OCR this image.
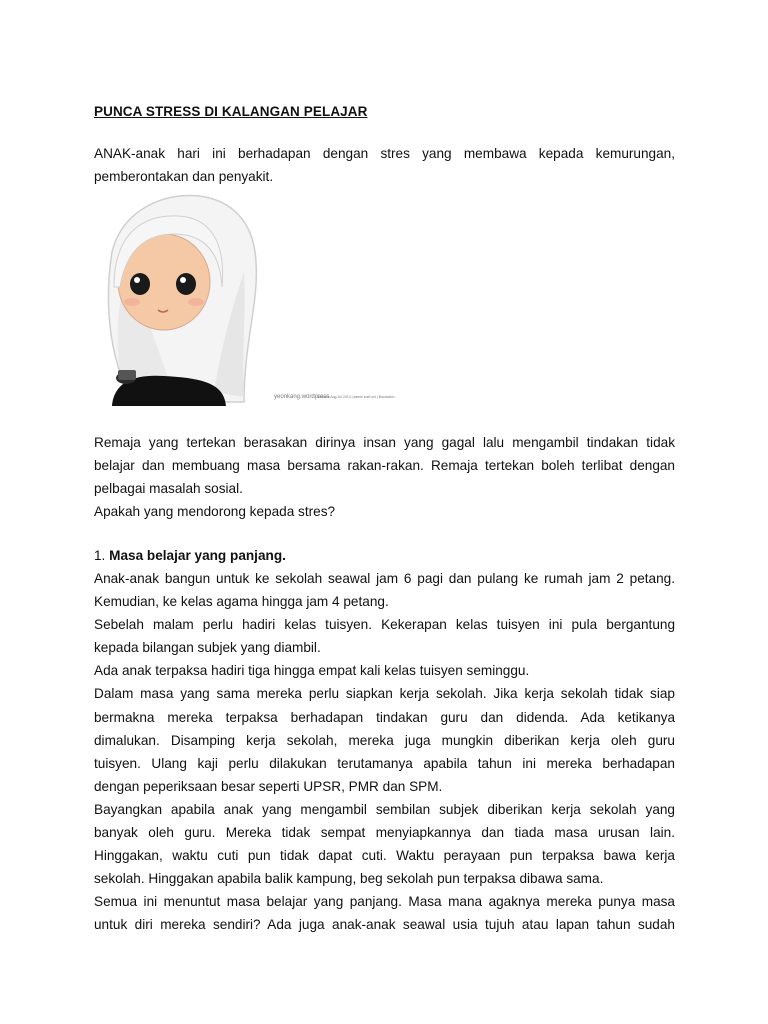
PUNCA STRESS DI KALANGAN PELAJAR
ANAK-anak hari ini berhadapan dengan stres yang membawa kepada kemurungan,
pemberontakan dan penyakit.
Remaja yang tertekan berasakan dirinya insan yang gagal lalu mengambil tindakan tidak
belajar dan membuang masa bersama rakan-rakan. Remaja tertekan boleh terlibat dengan
pelbagai masalah sosial.
Apakah yang mendorong kepada stres?
1. Masa belajar yang panjang.
Anak-anak bangun untuk ke sekolah seawal jam 6 pagi dan pulang ke rumah jam 2 petang.
Kemudian, ke kelas agama hingga jam 4 petang.
Sebelah malam perlu hadiri kelas tuisyen. Kekerapan kelas tuisyen ini pula bergantung
kepada bilangan subjek yang diambil.
Ada anak terpaksa hadiri tiga hingga empat kali kelas tuisyen seminggu.
Dalam masa yang sama mereka perlu siapkan kerja sekolah. Jika kerja sekolah tidak siap
bermakna mereka terpaksa berhadapan tindakan guru dan didenda. Ada ketikanya
dimalukan. Disamping kerja sekolah, mereka juga mungkin diberikan kerja oleh guru
tuisyen. Ulang kaji perlu dilakukan terutamanya apabila tahun ini mereka berhadapan
dengan peperiksaan besar seperti UPSR, PMR dan SPM.
Bayangkan apabila anak yang mengambil sembilan subjek diberikan kerja sekolah yang
banyak oleh guru. Mereka tidak sempat menyiapkannya dan tiada masa urusan lain.
Hinggakan, waktu cuti pun tidak dapat cuti. Waktu perayaan pun terpaksa bawa kerja
sekolah. Hinggakan apabila balik kampung, beg sekolah pun terpaksa dibawa sama.
Semua ini menuntut masa belajar yang panjang. Masa mana agaknya mereka punya masa
untuk diri mereka sendiri? Ada juga anak-anak seawal usia tujuh atau lapan tahun sudah
yeonkang.wordpress
artwork Aug Jul 2013 | saemi kuel sol | Illustration
